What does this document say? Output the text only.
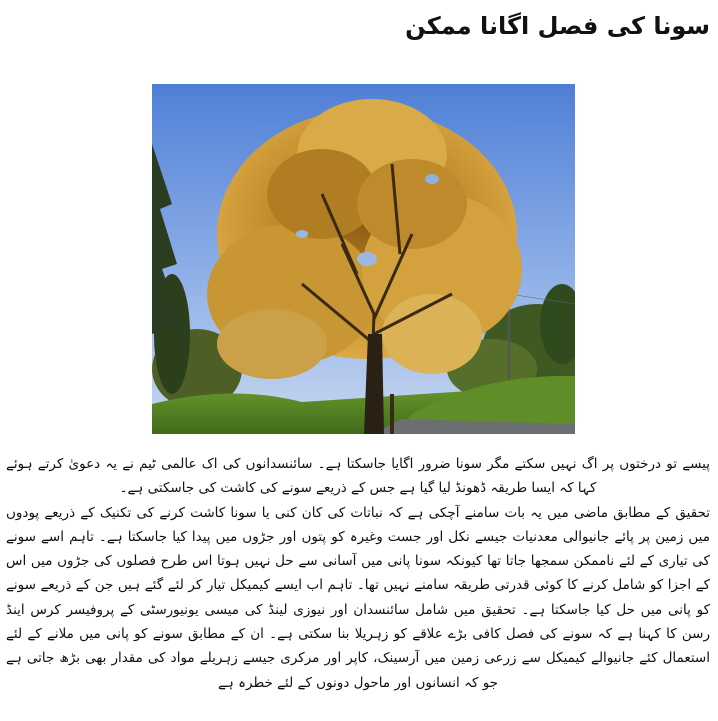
سونا کی فصل اگانا ممکن

پیسے تو درختوں پر اگ نہیں سکتے مگر سونا ضرور اگایا جاسکتا ہے۔ سائنسدانوں کی اک عالمی ٹیم نے یہ دعویٰ کرتے ہوئے کہا کہ ایسا طریقہ ڈھونڈ لیا گیا ہے جس کے ذریعے سونے کی کاشت کی جاسکتی ہے۔

تحقیق کے مطابق ماضی میں یہ بات سامنے آچکی ہے کہ نباتات کی کان کنی یا سونا کاشت کرنے کی تکنیک کے ذریعے پودوں میں زمین پر پائے جانیوالی معدنیات جیسے نکل اور جست وغیرہ کو پتوں اور جڑوں میں پیدا کیا جاسکتا ہے۔ تاہم اسے سونے کی تیاری کے لئے ناممکن سمجھا جاتا تھا کیونکہ سونا پانی میں آسانی سے حل نہیں ہوتا اس طرح فصلوں کی جڑوں میں اس کے اجزا کو شامل کرنے کا کوئی قدرتی طریقہ سامنے نہیں تھا۔ تاہم اب ایسے کیمیکل تیار کر لئے گئے ہیں جن کے ذریعے سونے کو پانی میں حل کیا جاسکتا ہے۔ تحقیق میں شامل سائنسدان اور نیوزی لینڈ کی میسی یونیورسٹی کے پروفیسر کرس اینڈ رسن کا کہنا ہے کہ سونے کی فصل کافی بڑے علاقے کو زہریلا بنا سکتی ہے۔ ان کے مطابق سونے کو پانی میں ملانے کے لئے استعمال کئے جانیوالے کیمیکل سے زرعی زمین میں آرسینک، کاپر اور مرکری جیسے زہریلے مواد کی مقدار بھی بڑھ جاتی ہے جو کہ انسانوں اور ماحول دونوں کے لئے خطرہ ہے
